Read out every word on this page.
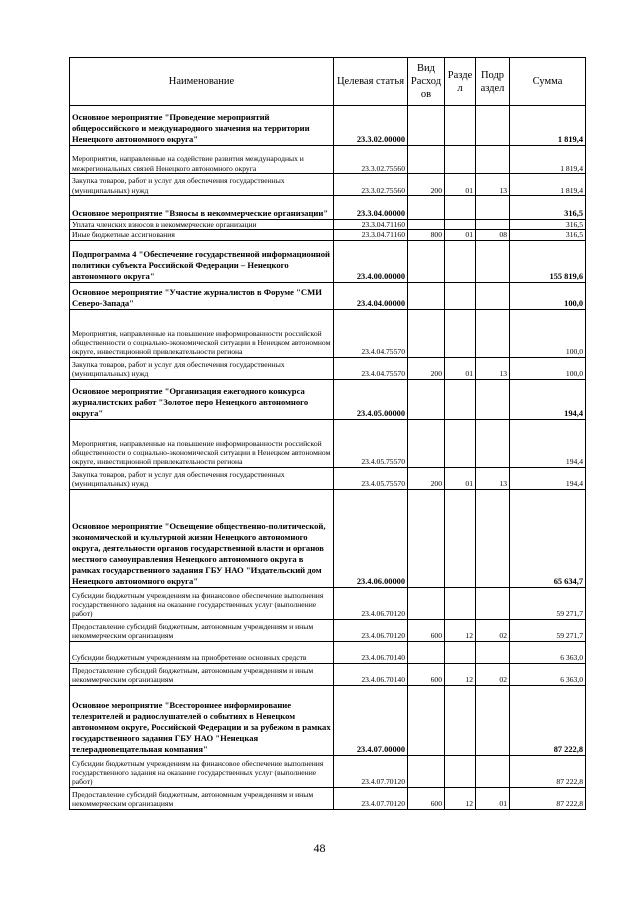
Наименование	Целевая статья	Вид Расход ов	Разде л	Подр аздел	Сумма
Основное мероприятие "Проведение мероприятий общероссийского и международного значения на территории Ненецкого автономного округа"	23.3.02.00000				1 819,4
Мероприятия, направленные на содействие развития международных и межрегиональных связей Ненецкого автономного округа	23.3.02.75560				1 819,4
Закупка товаров, работ и услуг для обеспечения государственных (муниципальных) нужд	23.3.02.75560	200	01	13	1 819,4
Основное мероприятие "Взносы в некоммерческие организации"	23.3.04.00000				316,5
Уплата членских взносов в некоммерческие организации	23.3.04.71160				316,5
Иные бюджетные ассигнования	23.3.04.71160	800	01	08	316,5
Подпрограмма 4 "Обеспечение государственной информационной политики субъекта Российской Федерации – Ненецкого автономного округа"	23.4.00.00000				155 819,6
Основное мероприятие "Участие журналистов в Форуме "СМИ Северо-Запада"	23.4.04.00000				100,0
Мероприятия, направленные на повышение информированности российской общественности о социально-экономической ситуации в Ненецком автономном округе, инвестиционной привлекательности региона	23.4.04.75570				100,0
Закупка товаров, работ и услуг для обеспечения государственных (муниципальных) нужд	23.4.04.75570	200	01	13	100,0
Основное мероприятие "Организация ежегодного конкурса журналистских работ "Золотое перо Ненецкого автономного округа"	23.4.05.00000				194,4
Мероприятия, направленные на повышение информированности российской общественности о социально-экономической ситуации в Ненецком автономном округе, инвестиционной привлекательности региона	23.4.05.75570				194,4
Закупка товаров, работ и услуг для обеспечения государственных (муниципальных) нужд	23.4.05.75570	200	01	13	194,4
Основное мероприятие "Освещение общественно-политической, экономической и культурной жизни Ненецкого автономного округа, деятельности органов государственной власти и органов местного самоуправления Ненецкого автономного округа в рамках государственного задания ГБУ НАО "Издательский дом Ненецкого автономного округа"	23.4.06.00000				65 634,7
Субсидии бюджетным учреждениям на финансовое обеспечение выполнения государственного задания на оказание государственных услуг (выполнение работ)	23.4.06.70120				59 271,7
Предоставление субсидий бюджетным, автономным учреждениям и иным некоммерческим организациям	23.4.06.70120	600	12	02	59 271,7
Субсидии бюджетным учреждениям на приобретение основных средств	23.4.06.70140				6 363,0
Предоставление субсидий бюджетным, автономным учреждениям и иным некоммерческим организациям	23.4.06.70140	600	12	02	6 363,0
Основное мероприятие "Всестороннее информирование телезрителей и радиослушателей о событиях в Ненецком автономном округе, Российской Федерации и за рубежом в рамках государственного задания ГБУ НАО "Ненецкая телерадиовещательная компания"	23.4.07.00000				87 222,8
Субсидии бюджетным учреждениям на финансовое обеспечение выполнения государственного задания на оказание государственных услуг (выполнение работ)	23.4.07.70120				87 222,8
Предоставление субсидий бюджетным, автономным учреждениям и иным некоммерческим организациям	23.4.07.70120	600	12	01	87 222,8
48
